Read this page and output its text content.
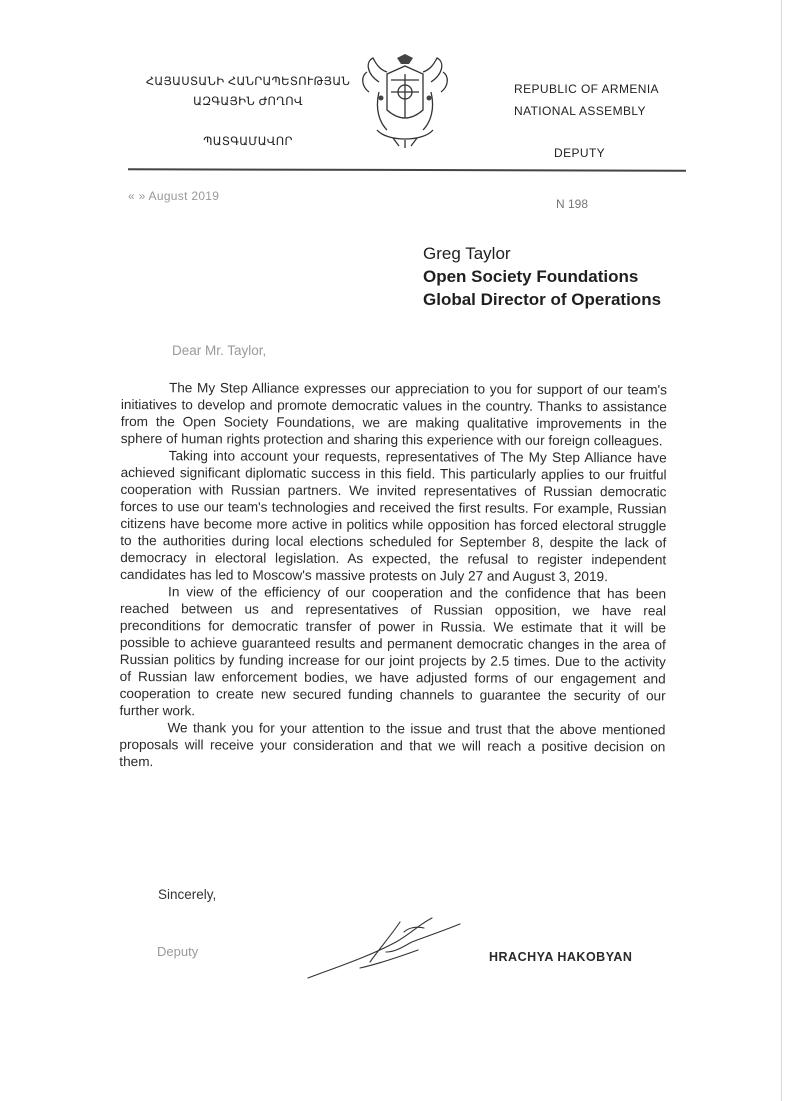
ՀԱՅԱՍՏԱՆԻ ՀԱՆՐԱՊԵՏՈՒԹՅԱՆ
ԱԶԳԱՅԻՆ ԺՈՂՈՎ
ՊԱՏԳԱՄԱՎՈՐ
REPUBLIC OF ARMENIA
NATIONAL ASSEMBLY
DEPUTY
« » August 2019
N 198
Greg Taylor
Open Society Foundations
Global Director of Operations
Dear Mr. Taylor,

The My Step Alliance expresses our appreciation to you for support of our team's initiatives to develop and promote democratic values in the country. Thanks to assistance from the Open Society Foundations, we are making qualitative improvements in the sphere of human rights protection and sharing this experience with our foreign colleagues.

Taking into account your requests, representatives of The My Step Alliance have achieved significant diplomatic success in this field. This particularly applies to our fruitful cooperation with Russian partners. We invited representatives of Russian democratic forces to use our team's technologies and received the first results. For example, Russian citizens have become more active in politics while opposition has forced electoral struggle to the authorities during local elections scheduled for September 8, despite the lack of democracy in electoral legislation. As expected, the refusal to register independent candidates has led to Moscow's massive protests on July 27 and August 3, 2019.

In view of the efficiency of our cooperation and the confidence that has been reached between us and representatives of Russian opposition, we have real preconditions for democratic transfer of power in Russia. We estimate that it will be possible to achieve guaranteed results and permanent democratic changes in the area of Russian politics by funding increase for our joint projects by 2.5 times. Due to the activity of Russian law enforcement bodies, we have adjusted forms of our engagement and cooperation to create new secured funding channels to guarantee the security of our further work.

We thank you for your attention to the issue and trust that the above mentioned proposals will receive your consideration and that we will reach a positive decision on them.

Sincerely,
Deputy	HRACHYA HAKOBYAN
